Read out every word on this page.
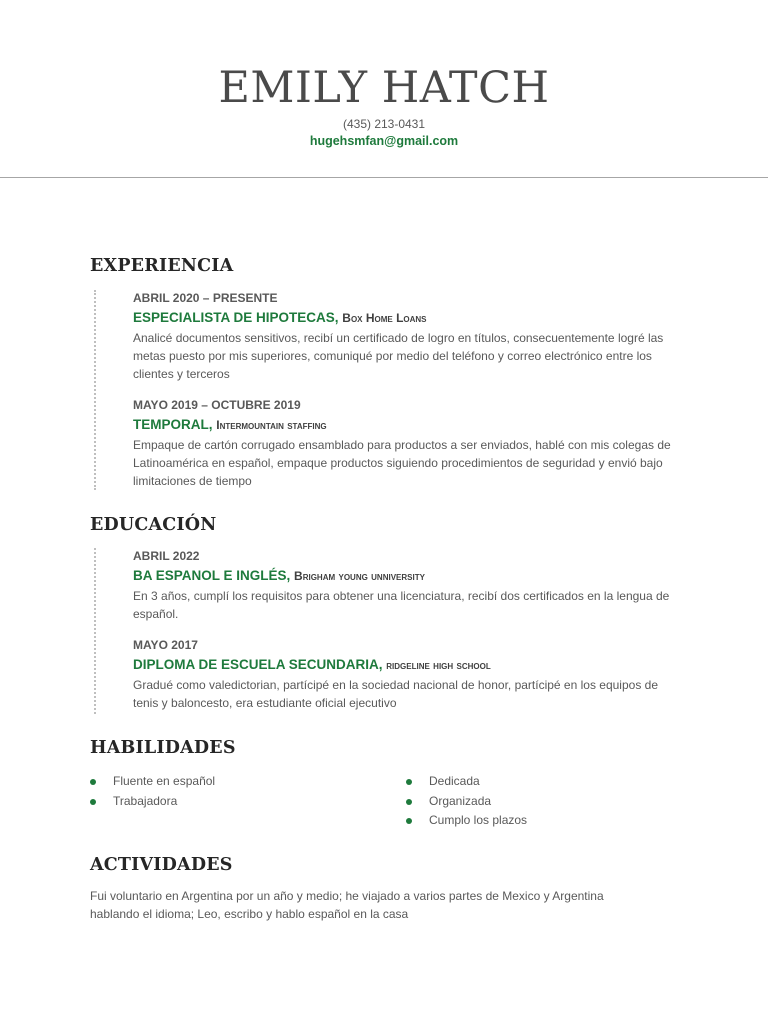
EMILY HATCH
(435) 213-0431
hugehsmfan@gmail.com
EXPERIENCIA
ABRIL 2020 – PRESENTE
ESPECIALISTA DE HIPOTECAS, Box Home Loans
Analicé documentos sensitivos, recibí un certificado de logro en títulos, consecuentemente logré las metas puesto por mis superiores, comuniqué por medio del teléfono y correo electrónico entre los clientes y terceros
MAYO 2019 – OCTUBRE 2019
TEMPORAL, Intermountain staffing
Empaque de cartón corrugado ensamblado para productos a ser enviados, hablé con mis colegas de Latinoamérica en español, empaque productos siguiendo procedimientos de seguridad y envió bajo limitaciones de tiempo
EDUCACIÓN
ABRIL 2022
BA ESPANOL E INGLÉS, Brigham young unniversity
En 3 años, cumplí los requisitos para obtener una licenciatura, recibí dos certificados en la lengua de español.
MAYO 2017
DIPLOMA DE ESCUELA SECUNDARIA, ridgeline high school
Gradué como valedictorian, partícipé en la sociedad nacional de honor, partícipé en los equipos de tenis y baloncesto, era estudiante oficial ejecutivo
HABILIDADES
Fluente en español
Trabajadora
Dedicada
Organizada
Cumplo los plazos
ACTIVIDADES
Fui voluntario en Argentina por un año y medio; he viajado a varios partes de Mexico y Argentina hablando el idioma; Leo, escribo y hablo español en la casa
